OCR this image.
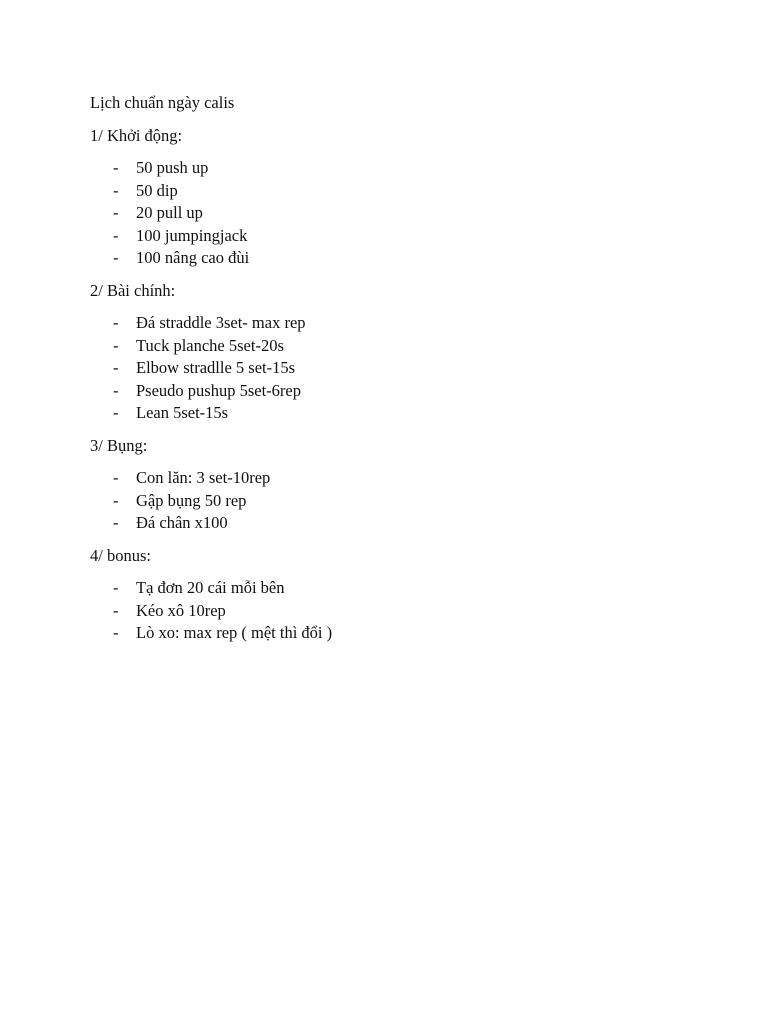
Lịch chuẩn ngày calis
1/ Khởi động:
- 50 push up
- 50 dip
- 20 pull up
- 100 jumpingjack
- 100 nâng cao đùi
2/ Bài chính:
- Đá straddle 3set- max rep
- Tuck planche 5set-20s
- Elbow stradlle 5 set-15s
- Pseudo pushup 5set-6rep
- Lean 5set-15s
3/ Bụng:
- Con lăn: 3 set-10rep
- Gập bụng 50 rep
- Đá chân x100
4/ bonus:
- Tạ đơn 20 cái mỗi bên
- Kéo xô 10rep
- Lò xo: max rep ( mệt thì đổi )
